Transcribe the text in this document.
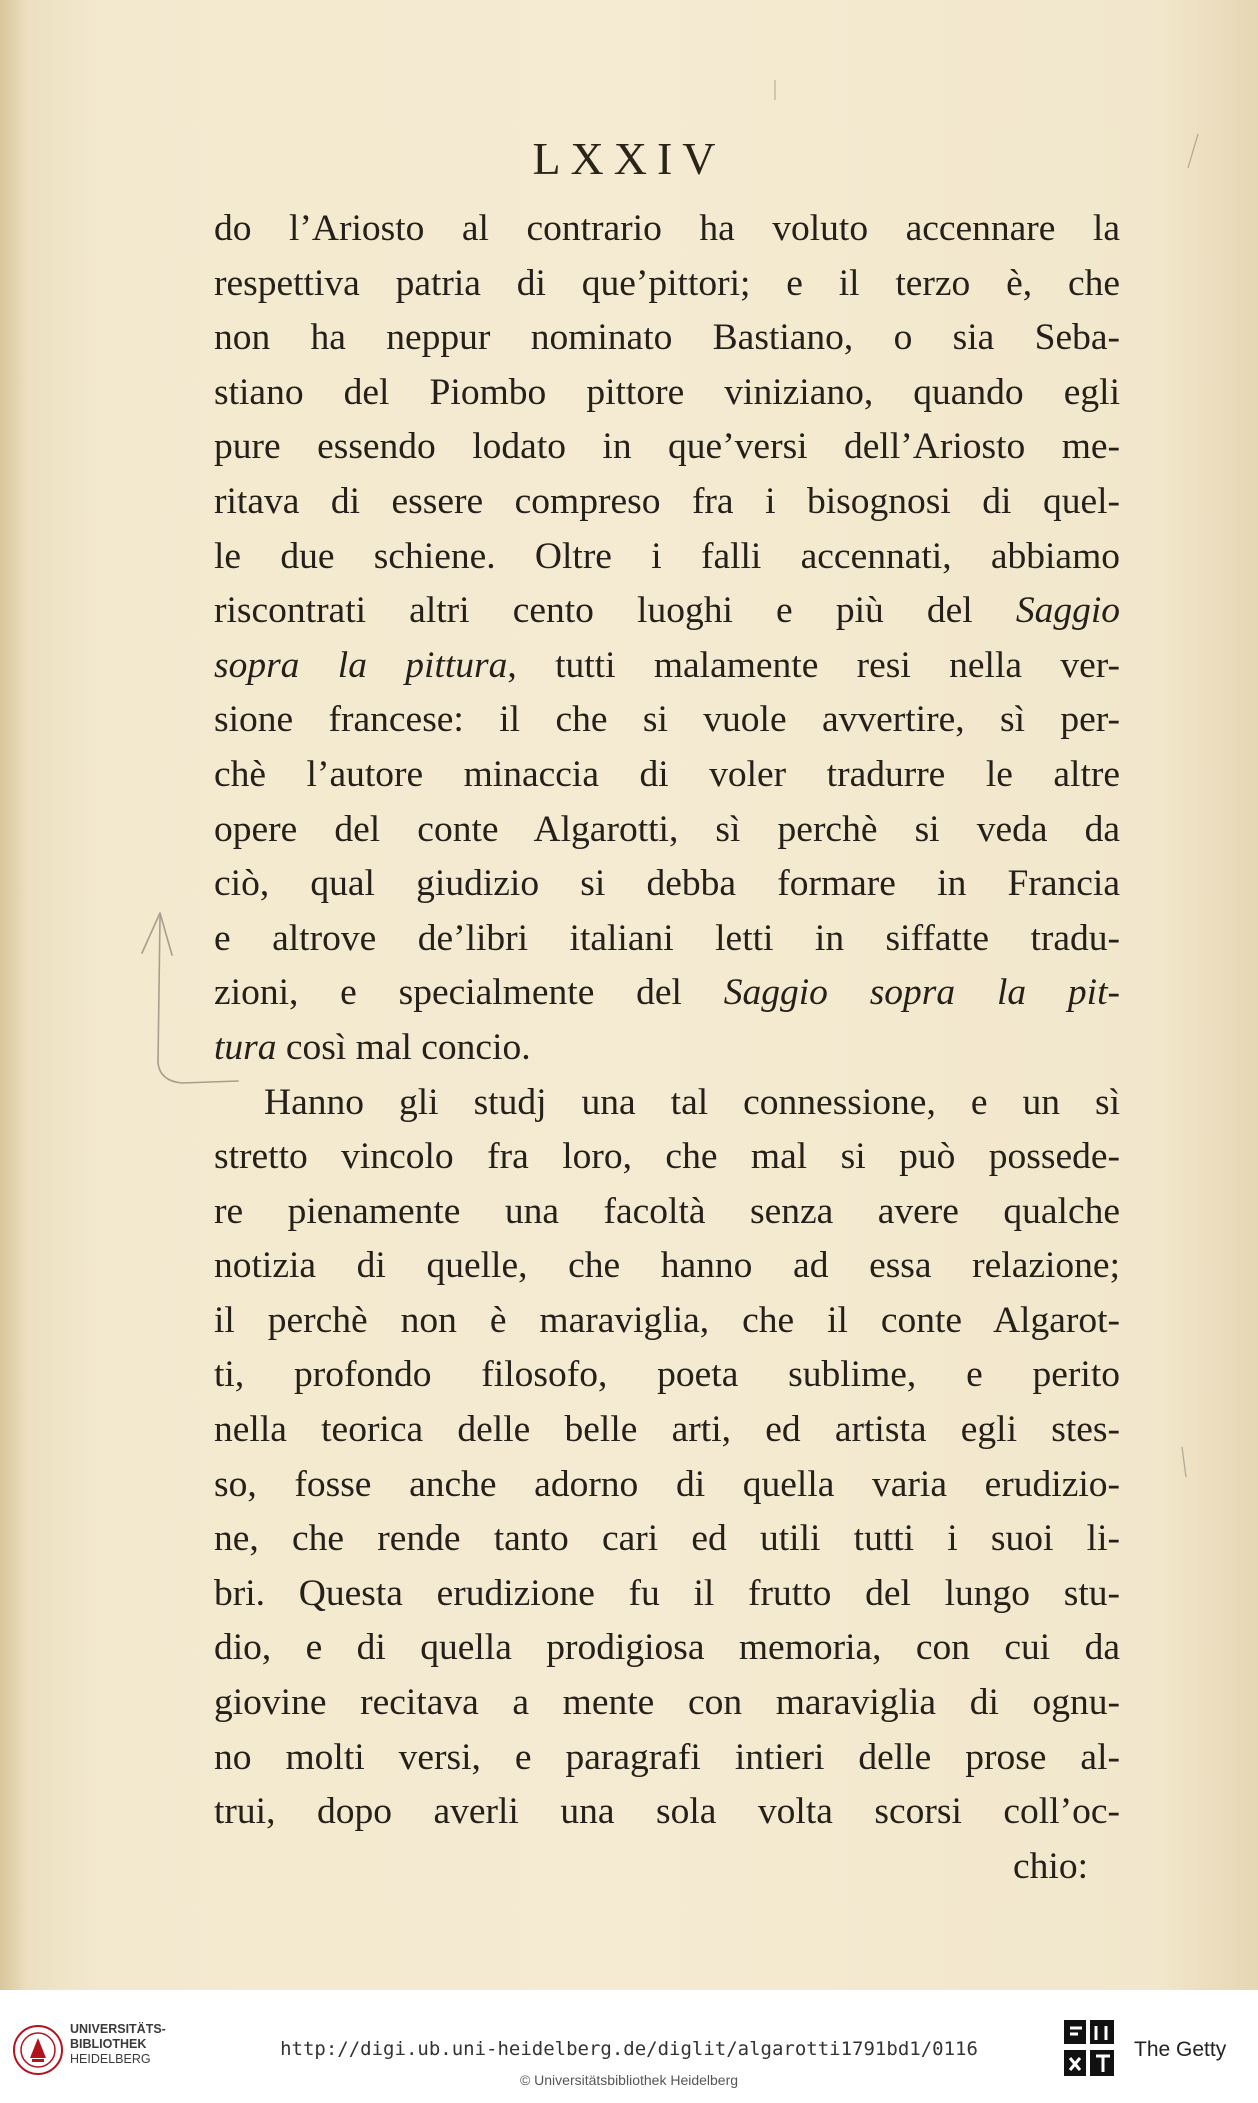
LXXIV
do l’Ariosto al contrario ha voluto accennare la
respettiva patria di que’pittori; e il terzo è, che
non ha neppur nominato Bastiano, o sia Seba-
stiano del Piombo pittore viniziano, quando egli
pure essendo lodato in que’versi dell’Ariosto me-
ritava di essere compreso fra i bisognosi di quel-
le due schiene. Oltre i falli accennati, abbiamo
riscontrati altri cento luoghi e più del Saggio
sopra la pittura, tutti malamente resi nella ver-
sione francese: il che si vuole avvertire, sì per-
chè l’autore minaccia di voler tradurre le altre
opere del conte Algarotti, sì perchè si veda da
ciò, qual giudizio si debba formare in Francia
e altrove de’libri italiani letti in siffatte tradu-
zioni, e specialmente del Saggio sopra la pit-
tura così mal concio.
Hanno gli studj una tal connessione, e un sì
stretto vincolo fra loro, che mal si può possede-
re pienamente una facoltà senza avere qualche
notizia di quelle, che hanno ad essa relazione;
il perchè non è maraviglia, che il conte Algarot-
ti, profondo filosofo, poeta sublime, e perito
nella teorica delle belle arti, ed artista egli stes-
so, fosse anche adorno di quella varia erudizio-
ne, che rende tanto cari ed utili tutti i suoi li-
bri. Questa erudizione fu il frutto del lungo stu-
dio, e di quella prodigiosa memoria, con cui da
giovine recitava a mente con maraviglia di ognu-
no molti versi, e paragrafi intieri delle prose al-
trui, dopo averli una sola volta scorsi coll’oc-
chio:
UNIVERSITÄTS-
BIBLIOTHEK
HEIDELBERG	http://digi.ub.uni-heidelberg.de/diglit/algarotti1791bd1/0116
© Universitätsbibliothek Heidelberg
The Getty
